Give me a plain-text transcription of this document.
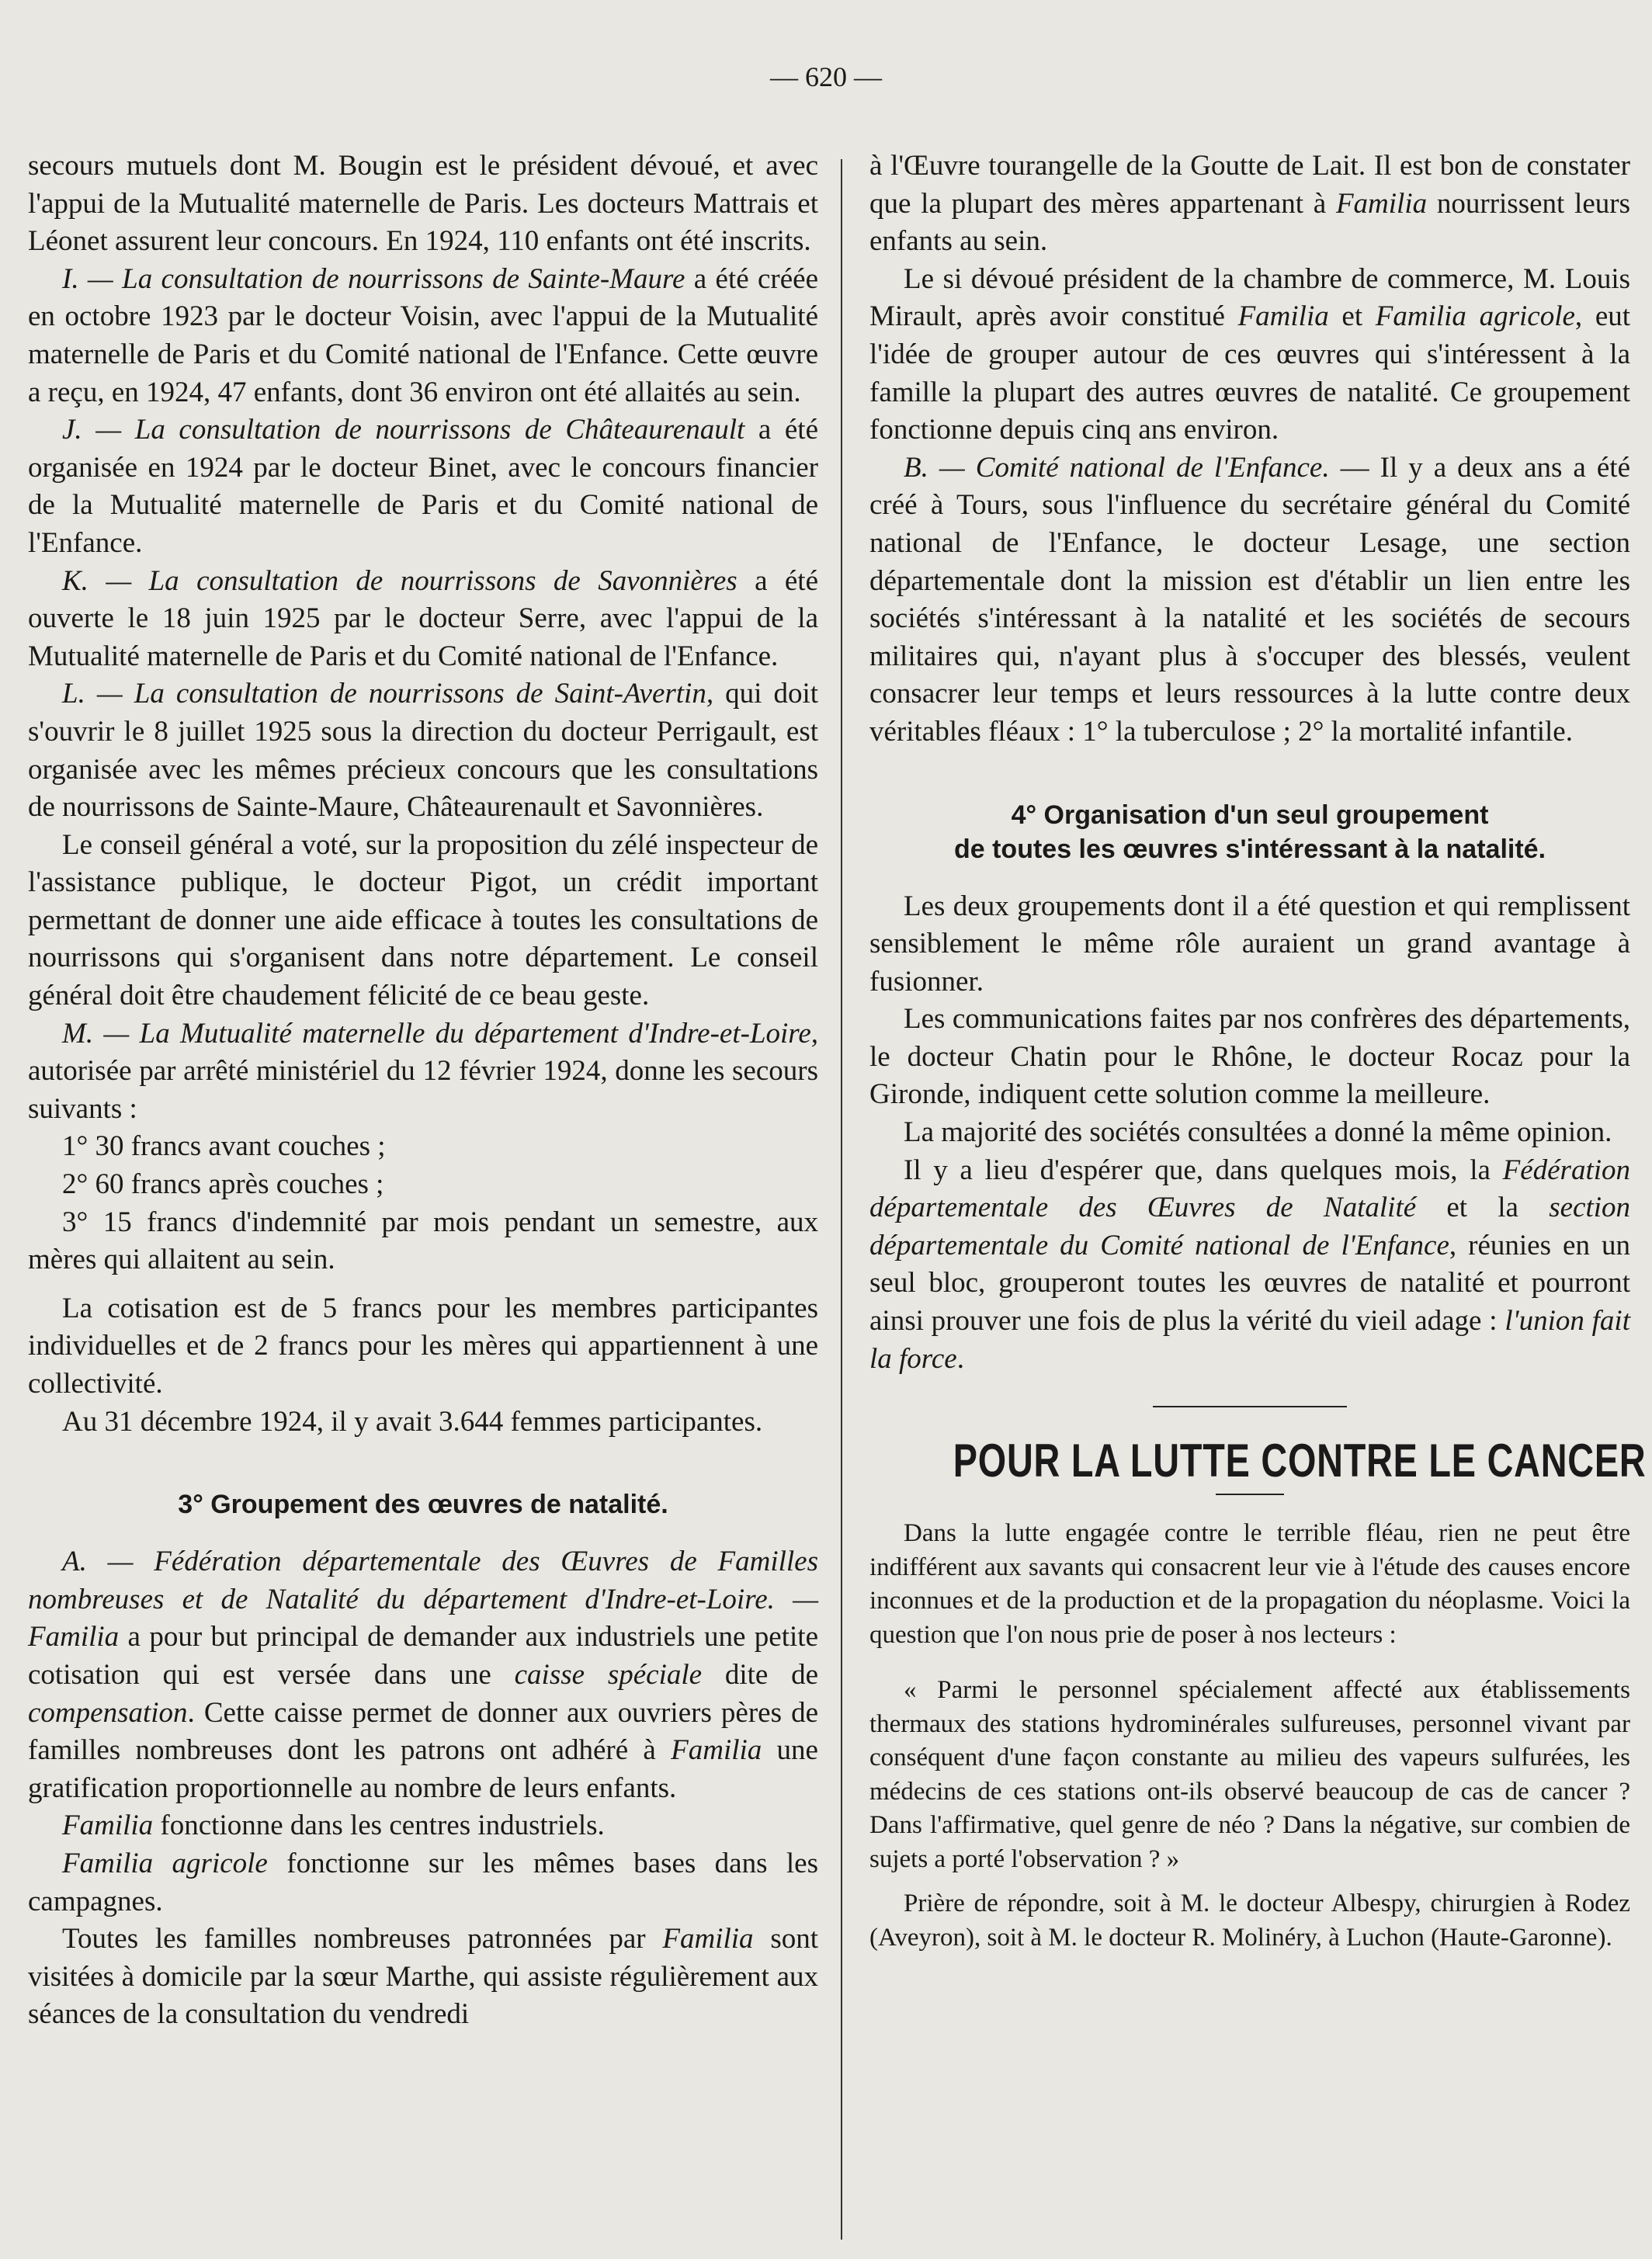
— 620 —

secours mutuels dont M. Bougin est le président dévoué, et avec l'appui de la Mutualité maternelle de Paris. Les docteurs Mattrais et Léonet assurent leur concours. En 1924, 110 enfants ont été inscrits.

I. — La consultation de nourrissons de Sainte-Maure a été créée en octobre 1923 par le docteur Voisin, avec l'appui de la Mutualité maternelle de Paris et du Comité national de l'Enfance. Cette œuvre a reçu, en 1924, 47 enfants, dont 36 environ ont été allaités au sein.

J. — La consultation de nourrissons de Châteaurenault a été organisée en 1924 par le docteur Binet, avec le concours financier de la Mutualité maternelle de Paris et du Comité national de l'Enfance.

K. — La consultation de nourrissons de Savonnières a été ouverte le 18 juin 1925 par le docteur Serre, avec l'appui de la Mutualité maternelle de Paris et du Comité national de l'Enfance.

L. — La consultation de nourrissons de Saint-Avertin, qui doit s'ouvrir le 8 juillet 1925 sous la direction du docteur Perrigault, est organisée avec les mêmes précieux concours que les consultations de nourrissons de Sainte-Maure, Châteaurenault et Savonnières.

Le conseil général a voté, sur la proposition du zélé inspecteur de l'assistance publique, le docteur Pigot, un crédit important permettant de donner une aide efficace à toutes les consultations de nourrissons qui s'organisent dans notre département. Le conseil général doit être chaudement félicité de ce beau geste.

M. — La Mutualité maternelle du département d'Indre-et-Loire, autorisée par arrêté ministériel du 12 février 1924, donne les secours suivants :

1° 30 francs avant couches ;

2° 60 francs après couches ;

3° 15 francs d'indemnité par mois pendant un semestre, aux mères qui allaitent au sein.

La cotisation est de 5 francs pour les membres participantes individuelles et de 2 francs pour les mères qui appartiennent à une collectivité.

Au 31 décembre 1924, il y avait 3.644 femmes participantes.

3° Groupement des œuvres de natalité.

A. — Fédération départementale des Œuvres de Familles nombreuses et de Natalité du département d'Indre-et-Loire. — Familia a pour but principal de demander aux industriels une petite cotisation qui est versée dans une caisse spéciale dite de compensation. Cette caisse permet de donner aux ouvriers pères de familles nombreuses dont les patrons ont adhéré à Familia une gratification proportionnelle au nombre de leurs enfants.

Familia fonctionne dans les centres industriels.

Familia agricole fonctionne sur les mêmes bases dans les campagnes.

Toutes les familles nombreuses patronnées par Familia sont visitées à domicile par la sœur Marthe, qui assiste régulièrement aux séances de la consultation du vendredi

à l'Œuvre tourangelle de la Goutte de Lait. Il est bon de constater que la plupart des mères appartenant à Familia nourrissent leurs enfants au sein.

Le si dévoué président de la chambre de commerce, M. Louis Mirault, après avoir constitué Familia et Familia agricole, eut l'idée de grouper autour de ces œuvres qui s'intéressent à la famille la plupart des autres œuvres de natalité. Ce groupement fonctionne depuis cinq ans environ.

B. — Comité national de l'Enfance. — Il y a deux ans a été créé à Tours, sous l'influence du secrétaire général du Comité national de l'Enfance, le docteur Lesage, une section départementale dont la mission est d'établir un lien entre les sociétés s'intéressant à la natalité et les sociétés de secours militaires qui, n'ayant plus à s'occuper des blessés, veulent consacrer leur temps et leurs ressources à la lutte contre deux véritables fléaux : 1° la tuberculose ; 2° la mortalité infantile.

4° Organisation d'un seul groupement
de toutes les œuvres s'intéressant à la natalité.

Les deux groupements dont il a été question et qui remplissent sensiblement le même rôle auraient un grand avantage à fusionner.

Les communications faites par nos confrères des départements, le docteur Chatin pour le Rhône, le docteur Rocaz pour la Gironde, indiquent cette solution comme la meilleure.

La majorité des sociétés consultées a donné la même opinion.

Il y a lieu d'espérer que, dans quelques mois, la Fédération départementale des Œuvres de Natalité et la section départementale du Comité national de l'Enfance, réunies en un seul bloc, grouperont toutes les œuvres de natalité et pourront ainsi prouver une fois de plus la vérité du vieil adage : l'union fait la force.

POUR LA LUTTE CONTRE LE CANCER

Dans la lutte engagée contre le terrible fléau, rien ne peut être indifférent aux savants qui consacrent leur vie à l'étude des causes encore inconnues et de la production et de la propagation du néoplasme. Voici la question que l'on nous prie de poser à nos lecteurs :

« Parmi le personnel spécialement affecté aux établissements thermaux des stations hydrominérales sulfureuses, personnel vivant par conséquent d'une façon constante au milieu des vapeurs sulfurées, les médecins de ces stations ont-ils observé beaucoup de cas de cancer ? Dans l'affirmative, quel genre de néo ? Dans la négative, sur combien de sujets a porté l'observation ? »

Prière de répondre, soit à M. le docteur Albespy, chirurgien à Rodez (Aveyron), soit à M. le docteur R. Molinéry, à Luchon (Haute-Garonne).
